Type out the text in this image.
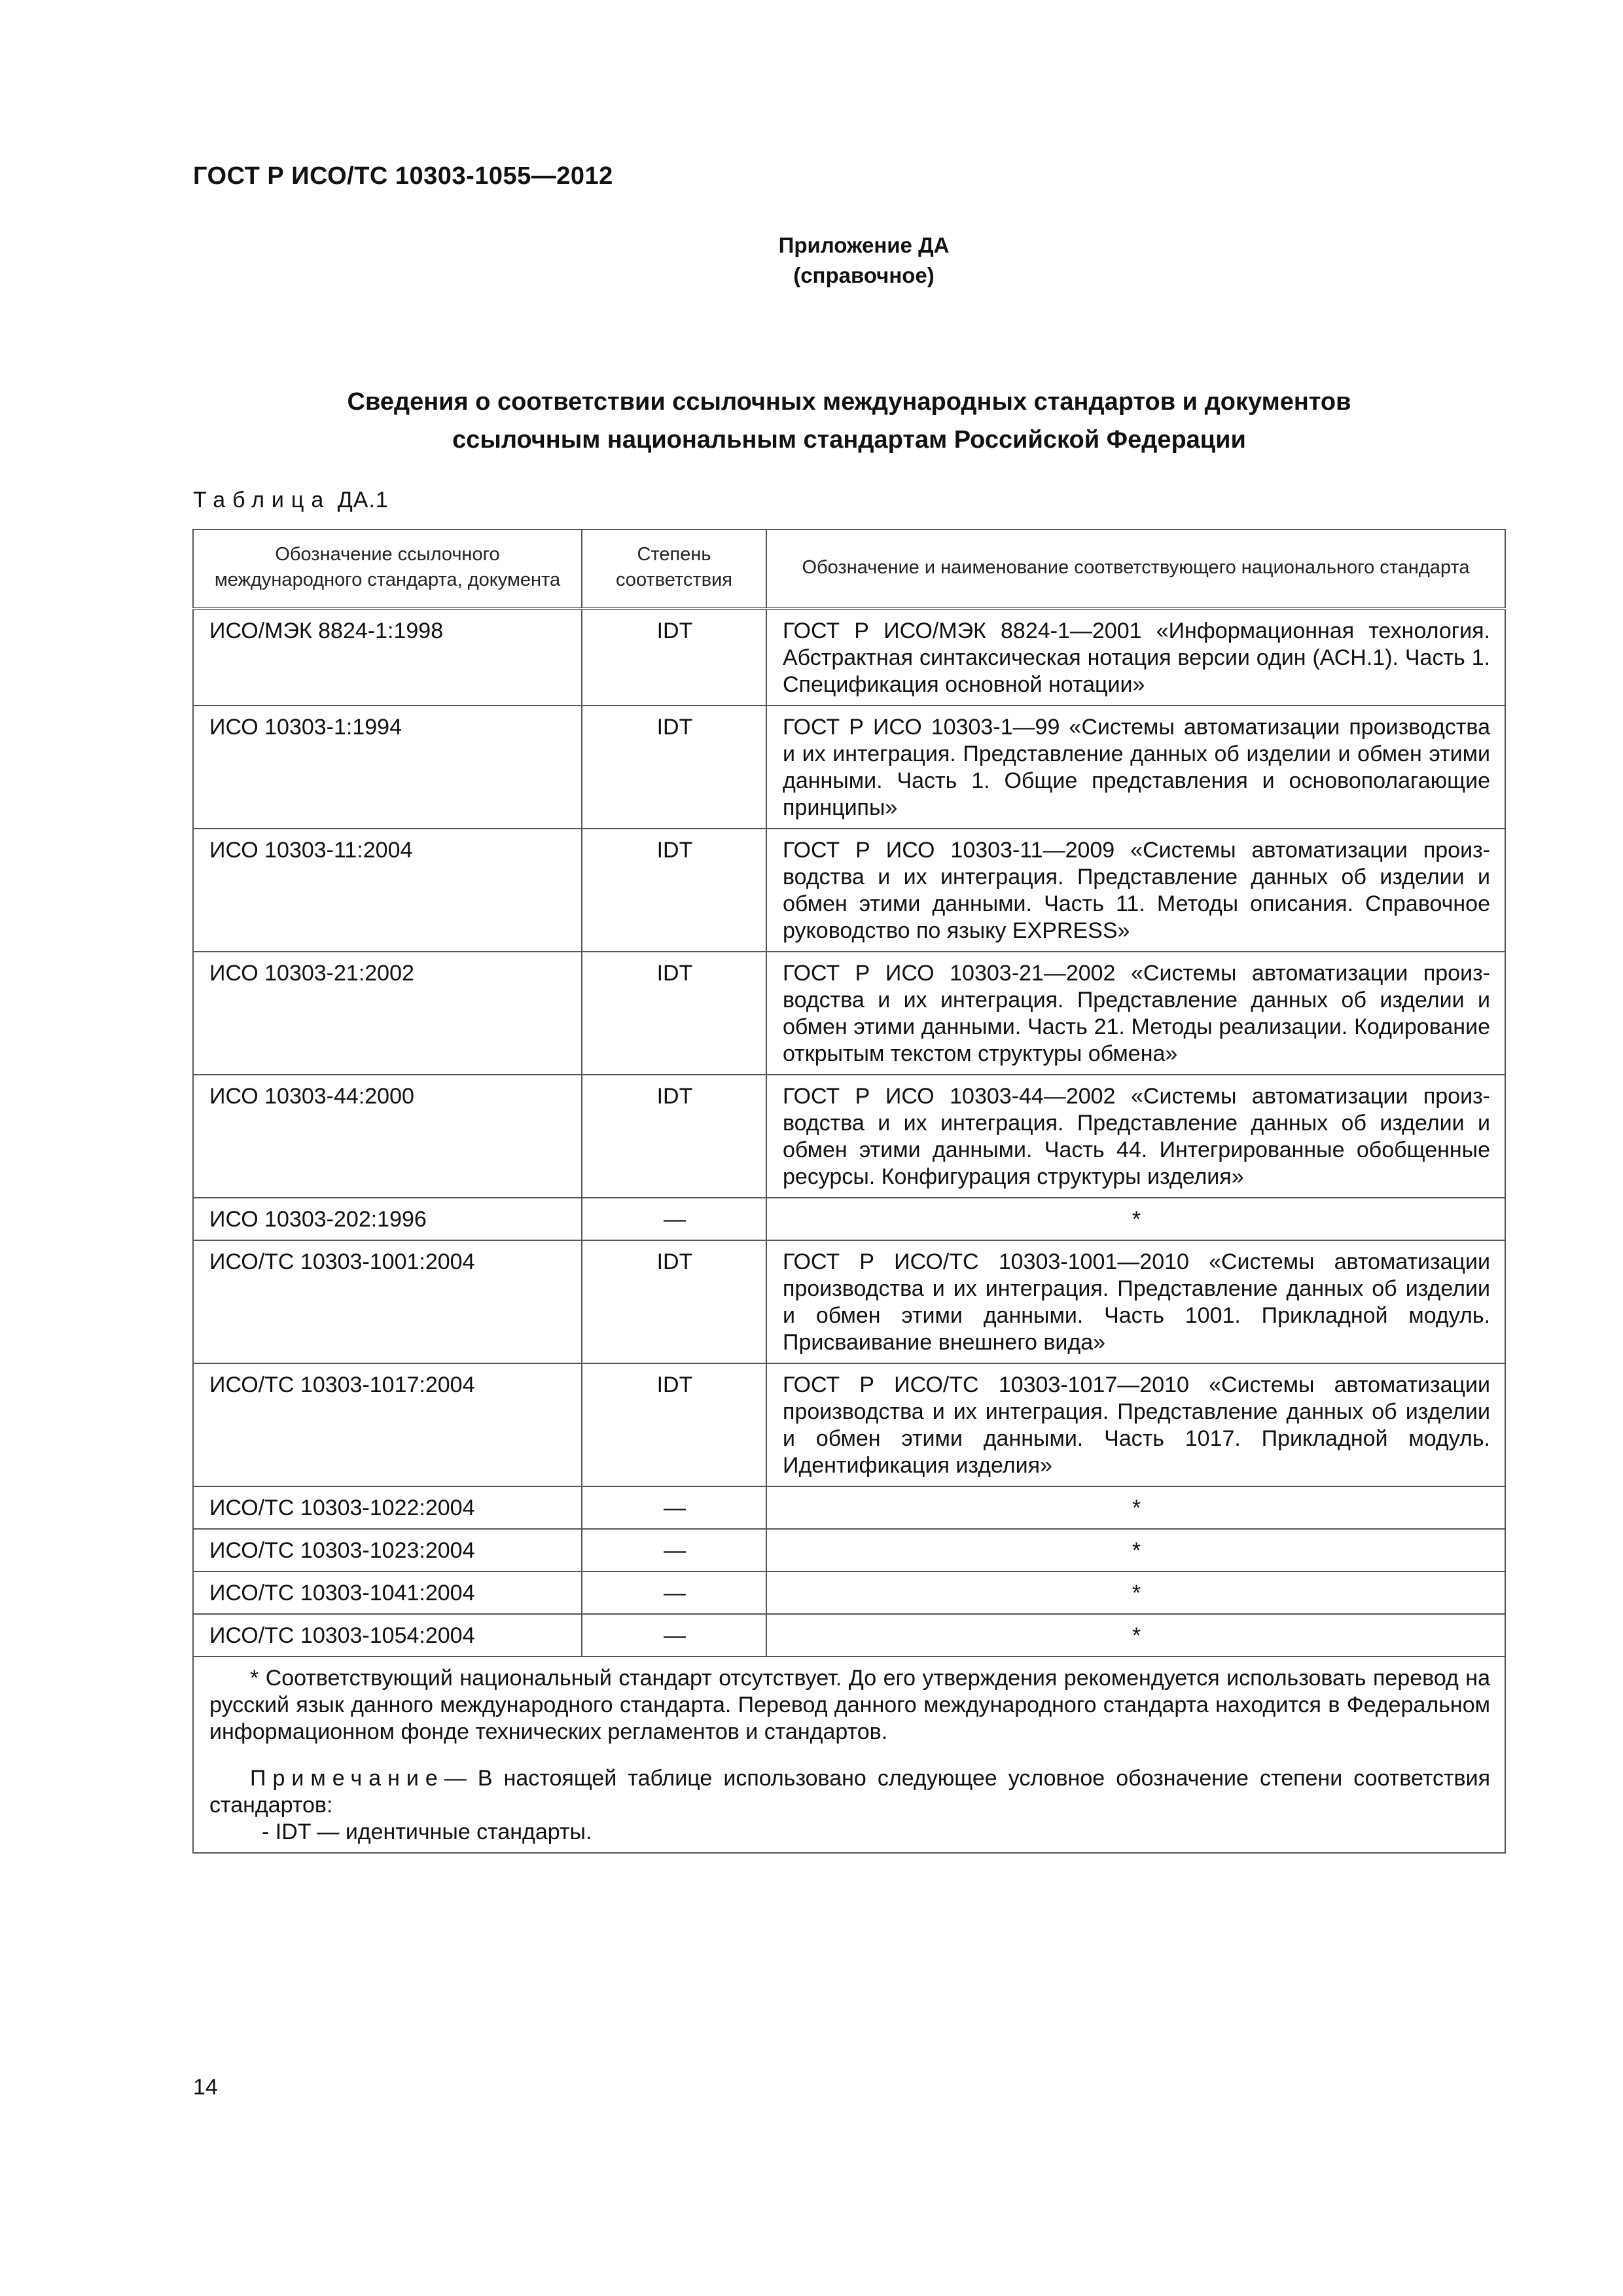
ГОСТ Р ИСО/ТС 10303-1055—2012
Приложение ДА
(справочное)
Сведения о соответствии ссылочных международных стандартов и документов
ссылочным национальным стандартам Российской Федерации
Таблица ДА.1
Обозначение ссылочного международного стандарта, документа	Степень соответствия	Обозначение и наименование соответствующего национального стандарта
ИСО/МЭК 8824-1:1998	IDT	ГОСТ Р ИСО/МЭК 8824-1—2001 «Информационная технология. Абстрактная синтаксическая нотация версии один (АСН.1). Часть 1. Спецификация основной нотации»
ИСО 10303-1:1994	IDT	ГОСТ Р ИСО 10303-1—99 «Системы автоматизации производства и их интеграция. Представление данных об изделии и обмен этими данными. Часть 1. Общие представления и основополагающие принципы»
ИСО 10303-11:2004	IDT	ГОСТ Р ИСО 10303-11—2009 «Системы автоматизации производства и их интеграция. Представление данных об изделии и обмен этими данными. Часть 11. Методы описания. Справочное руководство по языку EXPRESS»
ИСО 10303-21:2002	IDT	ГОСТ Р ИСО 10303-21—2002 «Системы автоматизации производства и их интеграция. Представление данных об изделии и обмен этими данными. Часть 21. Методы реализации. Кодирование открытым текстом структуры обмена»
ИСО 10303-44:2000	IDT	ГОСТ Р ИСО 10303-44—2002 «Системы автоматизации производства и их интеграция. Представление данных об изделии и обмен этими данными. Часть 44. Интегрированные обобщенные ресурсы. Конфигурация структуры изделия»
ИСО 10303-202:1996	—	*
ИСО/ТС 10303-1001:2004	IDT	ГОСТ Р ИСО/ТС 10303-1001—2010 «Системы автоматизации производства и их интеграция. Представление данных об изделии и обмен этими данными. Часть 1001. Прикладной модуль. Присваивание внешнего вида»
ИСО/ТС 10303-1017:2004	IDT	ГОСТ Р ИСО/ТС 10303-1017—2010 «Системы автоматизации производства и их интеграция. Представление данных об изделии и обмен этими данными. Часть 1017. Прикладной модуль. Идентификация изделия»
ИСО/ТС 10303-1022:2004	—	*
ИСО/ТС 10303-1023:2004	—	*
ИСО/ТС 10303-1041:2004	—	*
ИСО/ТС 10303-1054:2004	—	*

* Соответствующий национальный стандарт отсутствует. До его утверждения рекомендуется использовать перевод на русский язык данного международного стандарта. Перевод данного международного стандарта находится в Федеральном информационном фонде технических регламентов и стандартов.
Примечание— В настоящей таблице использовано следующее условное обозначение степени соответствия стандартов:
- IDT — идентичные стандарты.		
14
